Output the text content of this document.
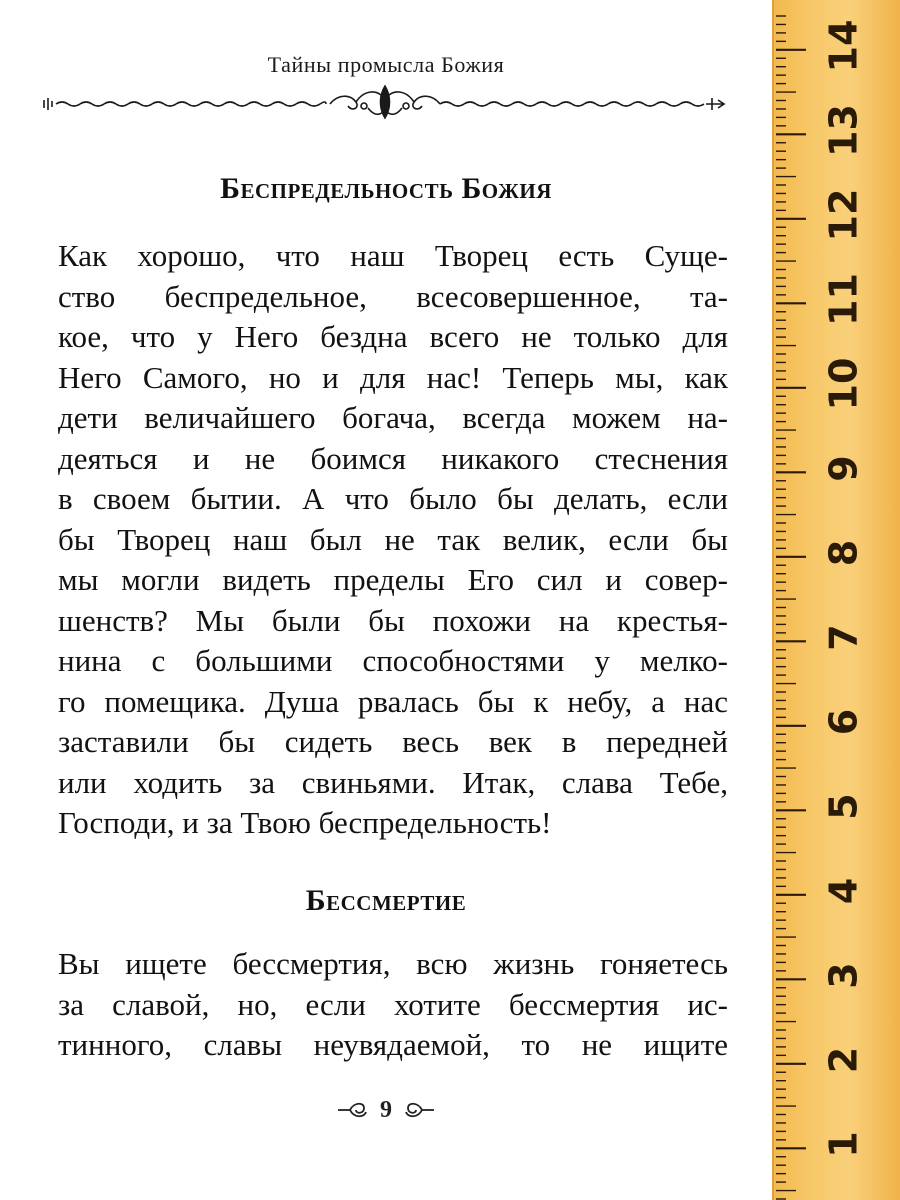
Тайны промысла Божия
Беспредельность Божия
Как хорошо, что наш Творец есть Суще-
ство беспредельное, всесовершенное, та-
кое, что у Него бездна всего не только для
Него Самого, но и для нас! Теперь мы, как
дети величайшего богача, всегда можем на-
деяться и не боимся никакого стеснения
в своем бытии. А что было бы делать, если
бы Творец наш был не так велик, если бы
мы могли видеть пределы Его сил и совер-
шенств? Мы были бы похожи на крестья-
нина с большими способностями у мелко-
го помещика. Душа рвалась бы к небу, а нас
заставили бы сидеть весь век в передней
или ходить за свиньями. Итак, слава Тебе,
Господи, и за Твою беспредельность!
Бессмертие
Вы ищете бессмертия, всю жизнь гоняетесь
за славой, но, если хотите бессмертия ис-
тинного, славы неувядаемой, то не ищите
9
14
13
12
11
10
9
8
7
6
5
4
3
2
1
